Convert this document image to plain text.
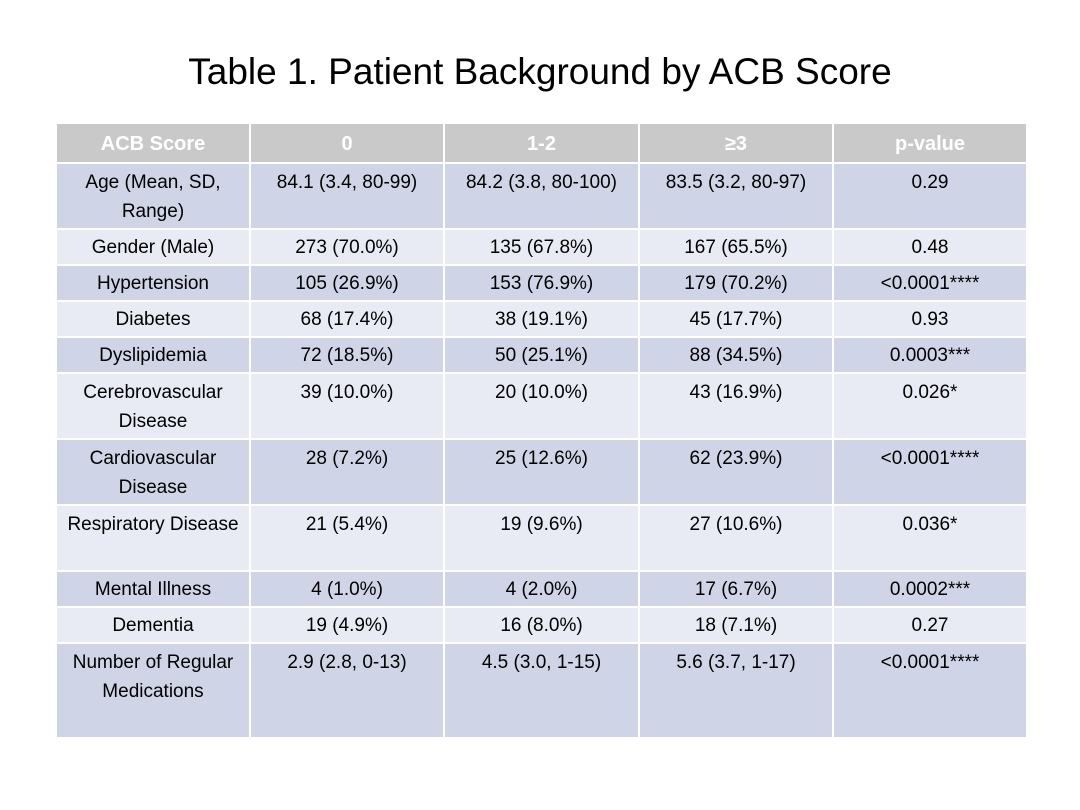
Table 1. Patient Background by ACB Score
ACB Score	0	1-2	≥3	p-value
Age (Mean, SD, Range)	84.1 (3.4, 80-99)	84.2 (3.8, 80-100)	83.5 (3.2, 80-97)	0.29
Gender (Male)	273 (70.0%)	135 (67.8%)	167 (65.5%)	0.48
Hypertension	105 (26.9%)	153 (76.9%)	179 (70.2%)	<0.0001****
Diabetes	68 (17.4%)	38 (19.1%)	45 (17.7%)	0.93
Dyslipidemia	72 (18.5%)	50 (25.1%)	88 (34.5%)	0.0003***
Cerebrovascular Disease	39 (10.0%)	20 (10.0%)	43 (16.9%)	0.026*
Cardiovascular Disease	28 (7.2%)	25 (12.6%)	62 (23.9%)	<0.0001****
Respiratory Disease	21 (5.4%)	19 (9.6%)	27 (10.6%)	0.036*
Mental Illness	4 (1.0%)	4 (2.0%)	17 (6.7%)	0.0002***
Dementia	19 (4.9%)	16 (8.0%)	18 (7.1%)	0.27
Number of Regular Medications	2.9 (2.8, 0-13)	4.5 (3.0, 1-15)	5.6 (3.7, 1-17)	<0.0001****
